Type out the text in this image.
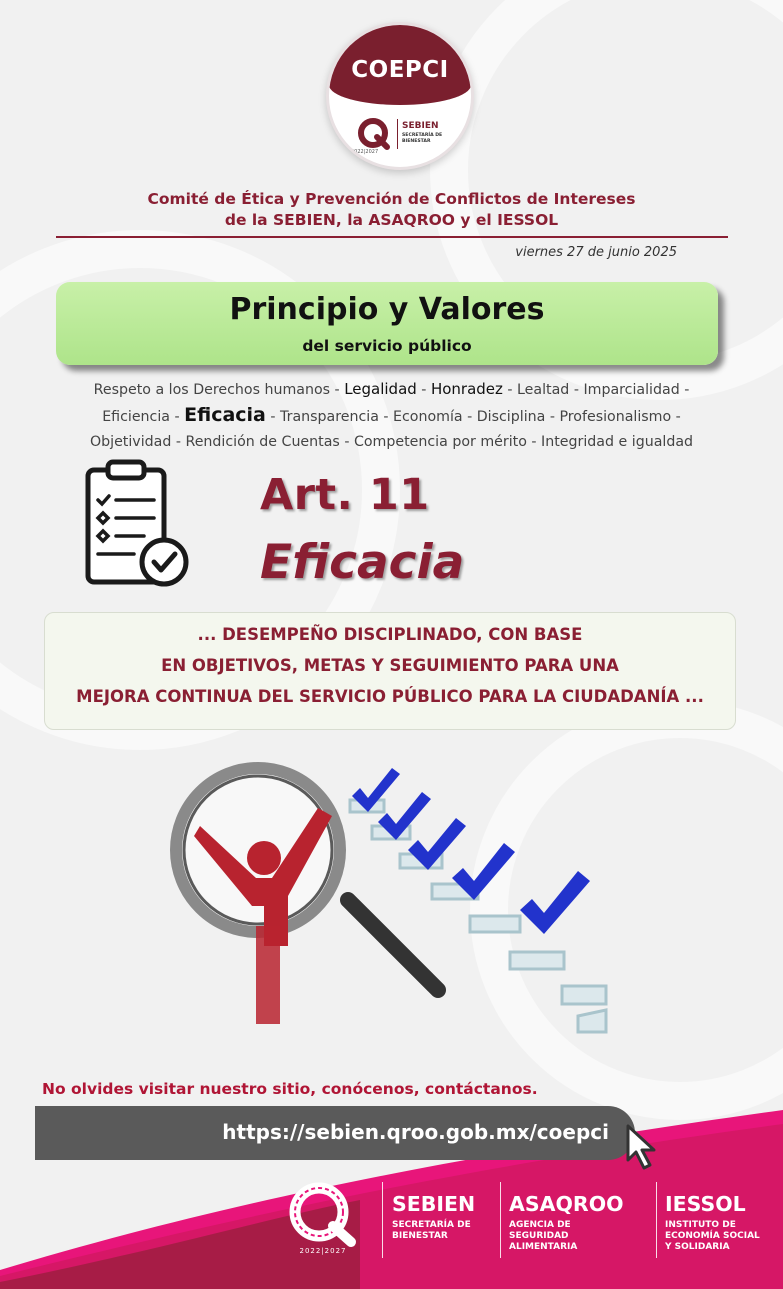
COEPCI
2022|2027
SEBIEN
SECRETARÍA DE BIENESTAR
Comité de Ética y Prevención de Conflictos de Intereses
de la SEBIEN, la ASAQROO y el IESSOL
viernes 27 de junio 2025
Principio y Valores
del servicio público
Respeto a los Derechos humanos - Legalidad - Honradez - Lealtad - Imparcialidad -
Eficiencia - Eficacia - Transparencia - Economía - Disciplina - Profesionalismo -
Objetividad - Rendición de Cuentas - Competencia por mérito - Integridad e igualdad
Art. 11
Eficacia
... DESEMPEÑO DISCIPLINADO, CON BASE
EN OBJETIVOS, METAS Y SEGUIMIENTO PARA UNA
MEJORA CONTINUA DEL SERVICIO PÚBLICO PARA LA CIUDADANÍA ...
No olvides visitar nuestro sitio, conócenos, contáctanos.
https://sebien.qroo.gob.mx/coepci
2022|2027
SEBIEN
SECRETARÍA DE
BIENESTAR
ASAQROO
AGENCIA DE
SEGURIDAD
ALIMENTARIA
IESSOL
INSTITUTO DE
ECONOMÍA SOCIAL
Y SOLIDARIA
